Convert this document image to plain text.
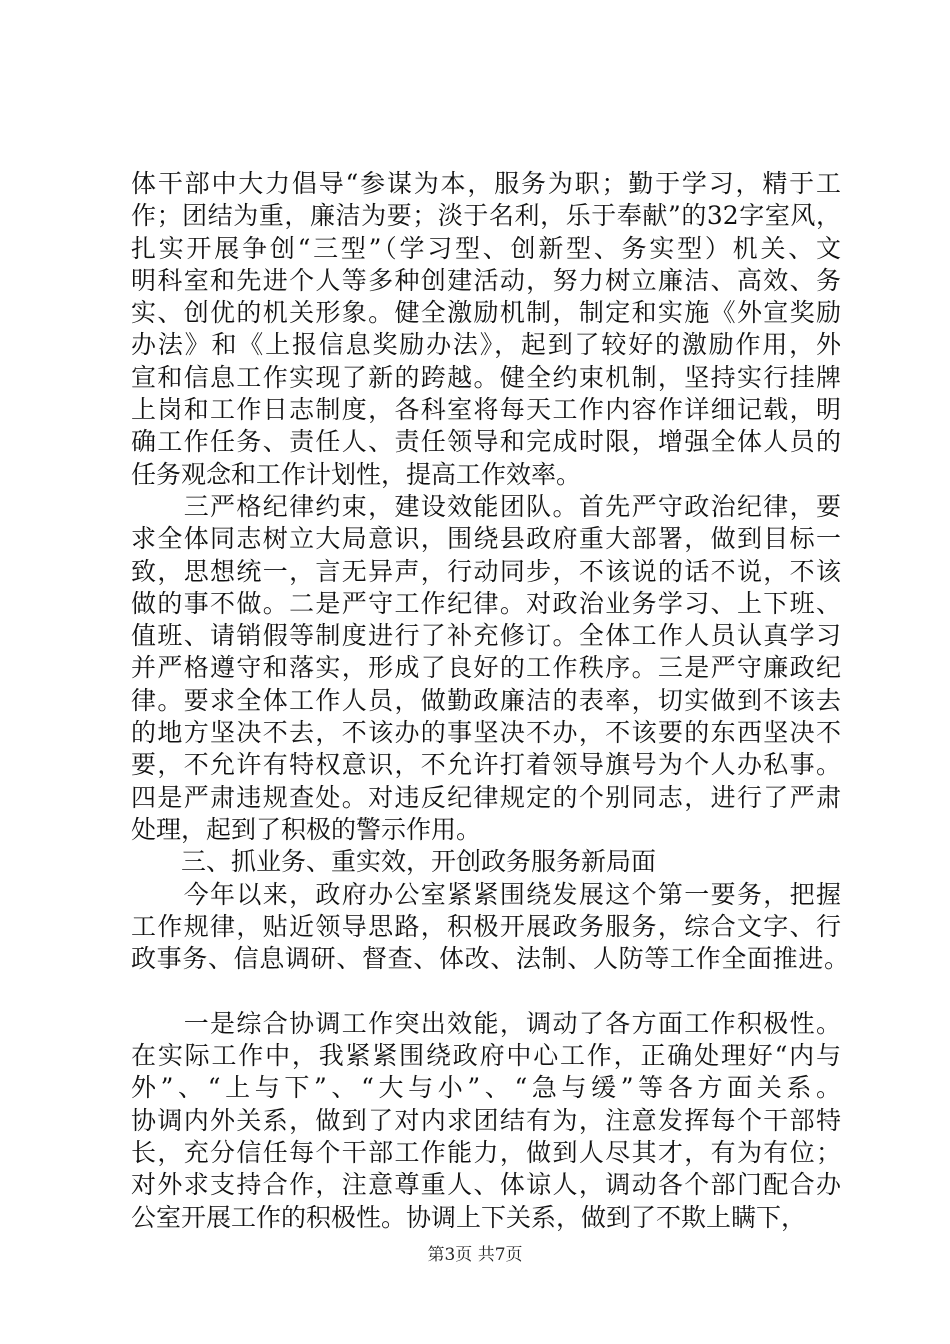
体干部中大力倡导“参谋为本，服务为职；勤于学习，精于工
作；团结为重，廉洁为要；淡于名利，乐于奉献”的32字室风，
扎实开展争创“三型”（学习型、创新型、务实型）机关、文
明科室和先进个人等多种创建活动，努力树立廉洁、高效、务
实、创优的机关形象。健全激励机制，制定和实施《外宣奖励
办法》和《上报信息奖励办法》，起到了较好的激励作用，外
宣和信息工作实现了新的跨越。健全约束机制，坚持实行挂牌
上岗和工作日志制度，各科室将每天工作内容作详细记载，明
确工作任务、责任人、责任领导和完成时限，增强全体人员的
任务观念和工作计划性，提高工作效率。
　　三严格纪律约束，建设效能团队。首先严守政治纪律，要
求全体同志树立大局意识，围绕县政府重大部署，做到目标一
致，思想统一，言无异声，行动同步，不该说的话不说，不该
做的事不做。二是严守工作纪律。对政治业务学习、上下班、
值班、请销假等制度进行了补充修订。全体工作人员认真学习
并严格遵守和落实，形成了良好的工作秩序。三是严守廉政纪
律。要求全体工作人员，做勤政廉洁的表率，切实做到不该去
的地方坚决不去，不该办的事坚决不办，不该要的东西坚决不
要，不允许有特权意识，不允许打着领导旗号为个人办私事。
四是严肃违规查处。对违反纪律规定的个别同志，进行了严肃
处理，起到了积极的警示作用。
　　三、抓业务、重实效，开创政务服务新局面
　　今年以来，政府办公室紧紧围绕发展这个第一要务，把握
工作规律，贴近领导思路，积极开展政务服务，综合文字、行
政事务、信息调研、督查、体改、法制、人防等工作全面推进。
　　一是综合协调工作突出效能，调动了各方面工作积极性。
在实际工作中，我紧紧围绕政府中心工作，正确处理好“内与
外”、“上与下”、“大与小”、“急与缓”等各方面关系。
协调内外关系，做到了对内求团结有为，注意发挥每个干部特
长，充分信任每个干部工作能力，做到人尽其才，有为有位；
对外求支持合作，注意尊重人、体谅人，调动各个部门配合办
公室开展工作的积极性。协调上下关系，做到了不欺上瞒下，
第3页 共7页
